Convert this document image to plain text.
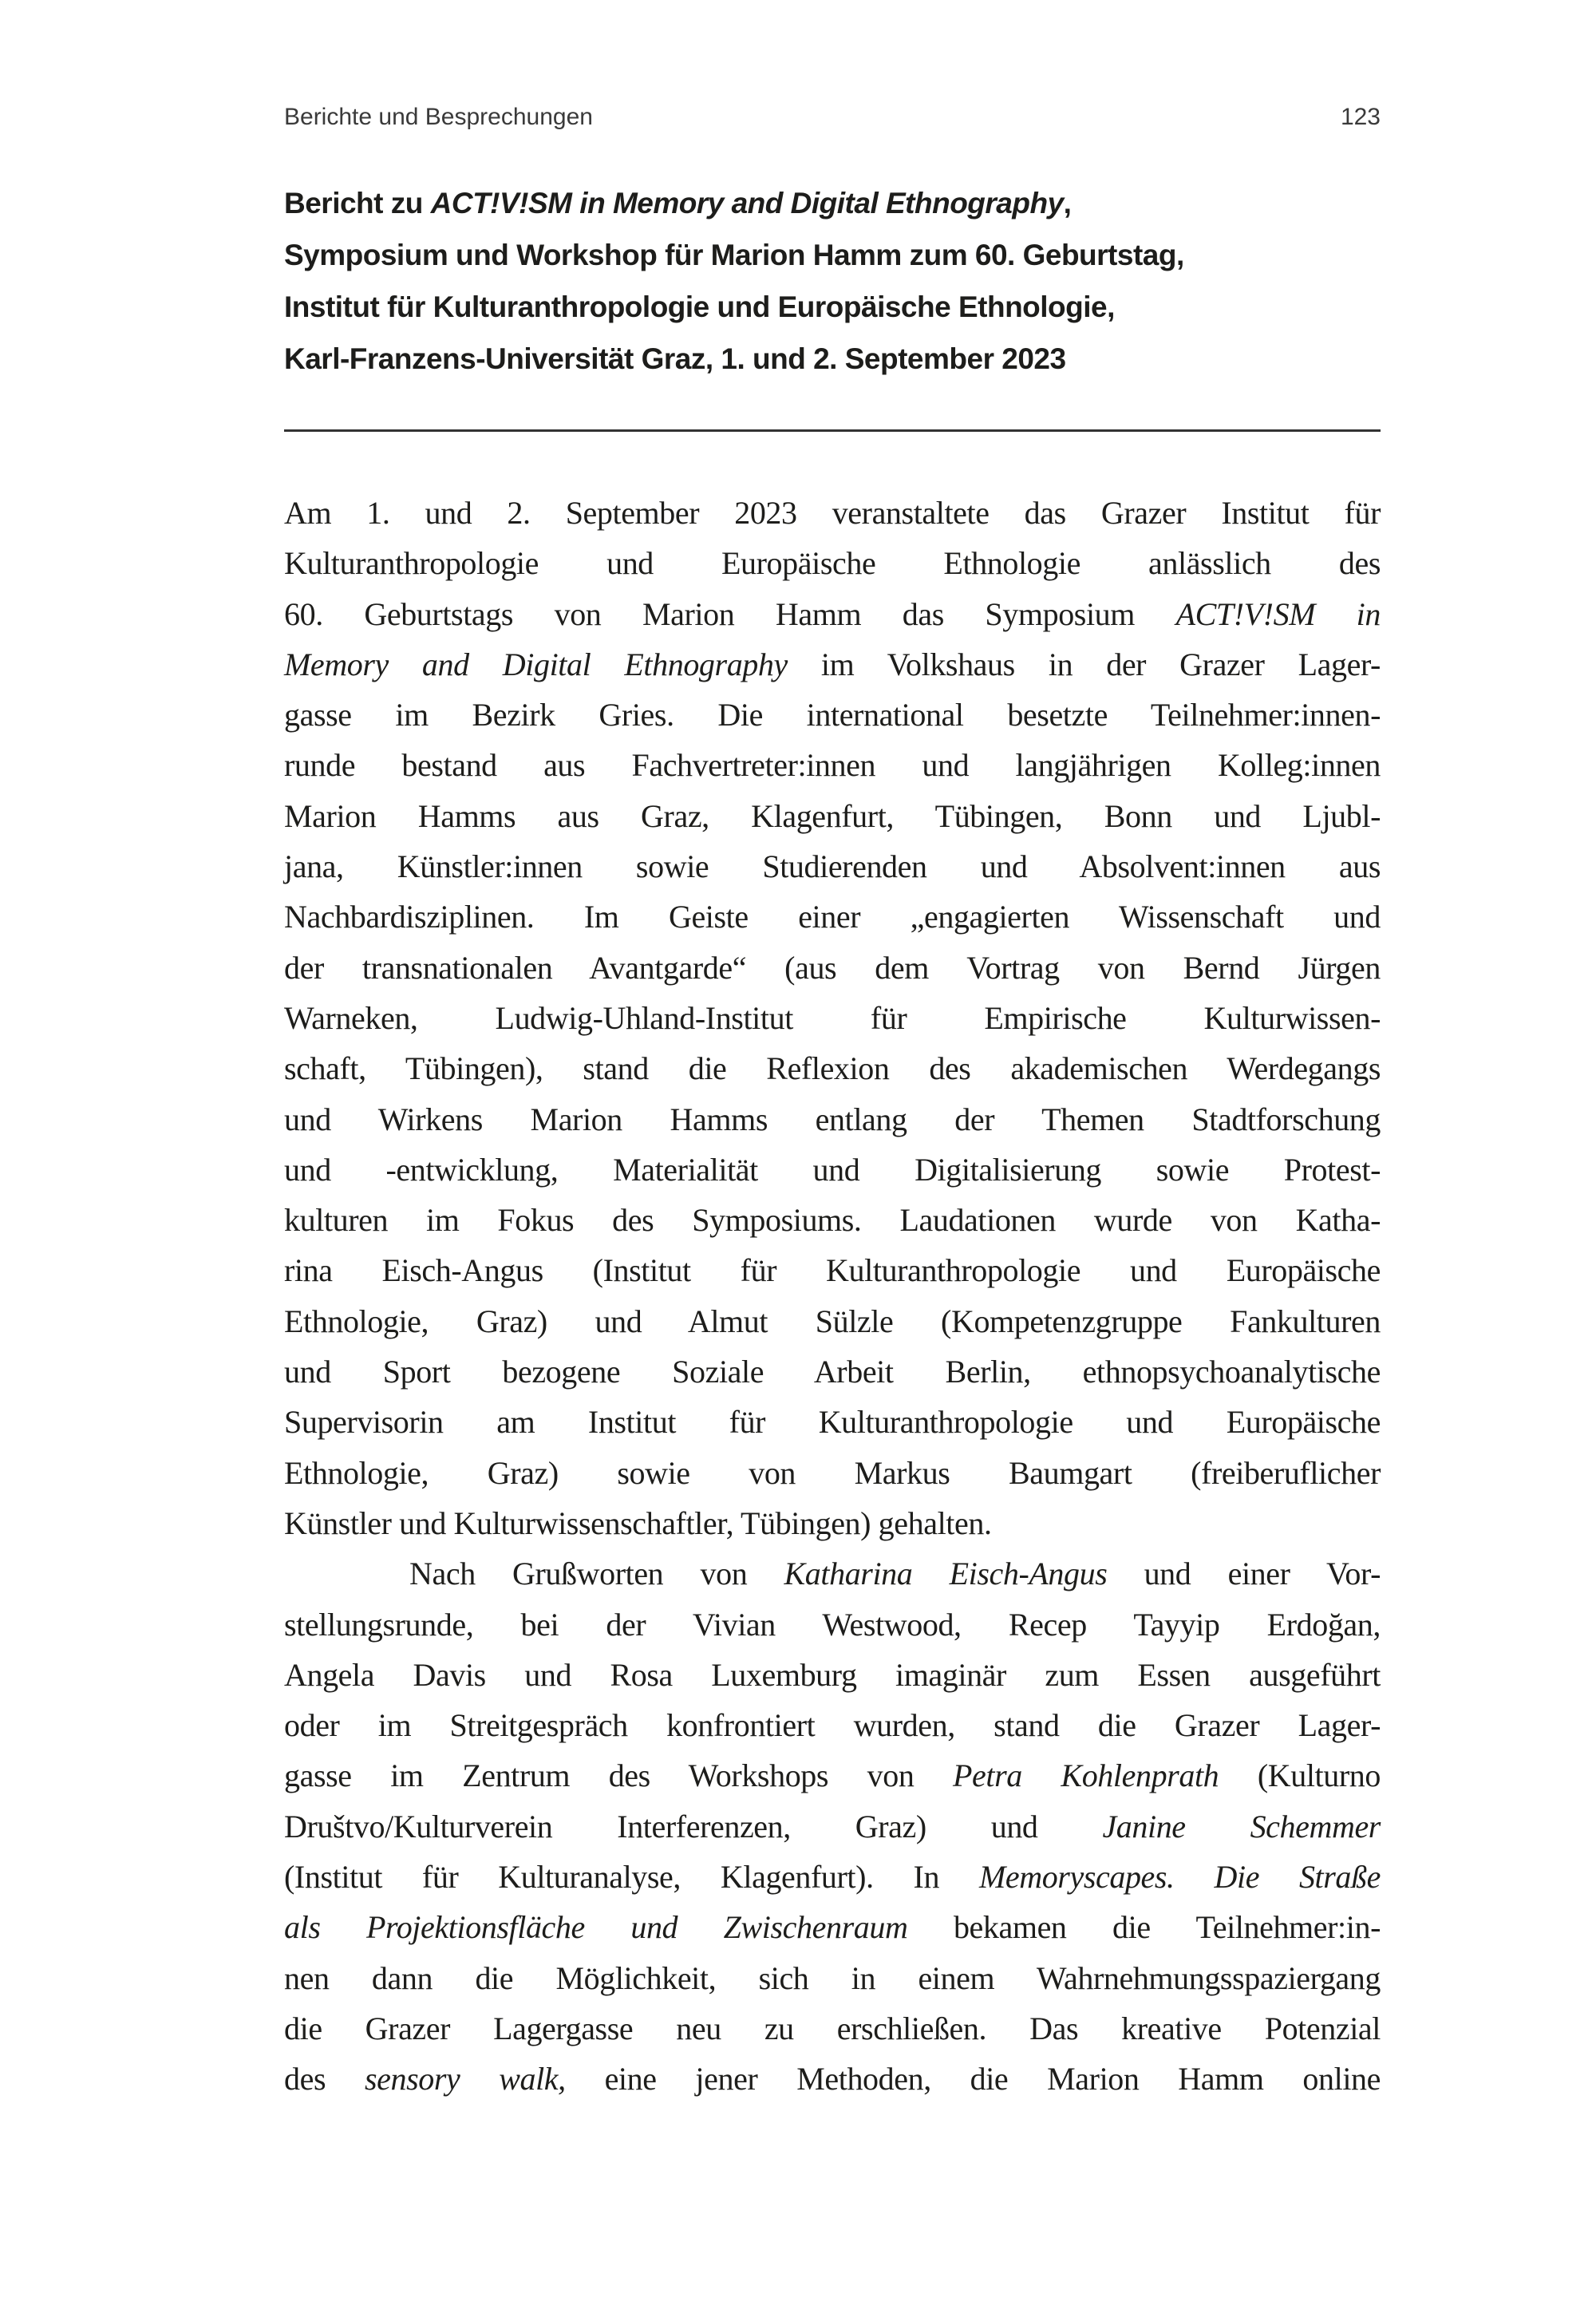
Berichte und Besprechungen	123
Bericht zu ACT!V!SM in Memory and Digital Ethnography,
Symposium und Workshop für Marion Hamm zum 60. Geburtstag,
Institut für Kulturanthropologie und Europäische Ethnologie,
Karl-Franzens-Universität Graz, 1. und 2. September 2023
Am 1. und 2. September 2023 veranstaltete das Grazer Institut für
Kulturanthropologie und Europäische Ethnologie anlässlich des
60. Geburtstags von Marion Hamm das Symposium ACT!V!SM in
Memory and Digital Ethnography im Volkshaus in der Grazer Lager-
gasse im Bezirk Gries. Die international besetzte Teilnehmer:innen-
runde bestand aus Fachvertreter:innen und langjährigen Kolleg:innen
Marion Hamms aus Graz, Klagenfurt, Tübingen, Bonn und Ljubl-
jana, Künstler:innen sowie Studierenden und Absolvent:innen aus
Nachbardisziplinen. Im Geiste einer „engagierten Wissenschaft und
der transnationalen Avantgarde“ (aus dem Vortrag von Bernd Jürgen
Warneken, Ludwig-Uhland-Institut für Empirische Kulturwissen-
schaft, Tübingen), stand die Reflexion des akademischen Werdegangs
und Wirkens Marion Hamms entlang der Themen Stadtforschung
und -entwicklung, Materialität und Digitalisierung sowie Protest-
kulturen im Fokus des Symposiums. Laudationen wurde von Katha-
rina Eisch-Angus (Institut für Kulturanthropologie und Europäische
Ethnologie, Graz) und Almut Sülzle (Kompetenzgruppe Fankulturen
und Sport bezogene Soziale Arbeit Berlin, ethnopsychoanalytische
Supervisorin am Institut für Kulturanthropologie und Europäische
Ethnologie, Graz) sowie von Markus Baumgart (freiberuflicher
Künstler und Kulturwissenschaftler, Tübingen) gehalten.
Nach Grußworten von Katharina Eisch-Angus und einer Vor-
stellungsrunde, bei der Vivian Westwood, Recep Tayyip Erdoğan,
Angela Davis und Rosa Luxemburg imaginär zum Essen ausgeführt
oder im Streitgespräch konfrontiert wurden, stand die Grazer Lager-
gasse im Zentrum des Workshops von Petra Kohlenprath (Kulturno
Društvo/Kulturverein Interferenzen, Graz) und Janine Schemmer
(Institut für Kulturanalyse, Klagenfurt). In Memoryscapes. Die Straße
als Projektionsfläche und Zwischenraum bekamen die Teilnehmer:in-
nen dann die Möglichkeit, sich in einem Wahrnehmungsspaziergang
die Grazer Lagergasse neu zu erschließen. Das kreative Potenzial
des sensory walk, eine jener Methoden, die Marion Hamm online
